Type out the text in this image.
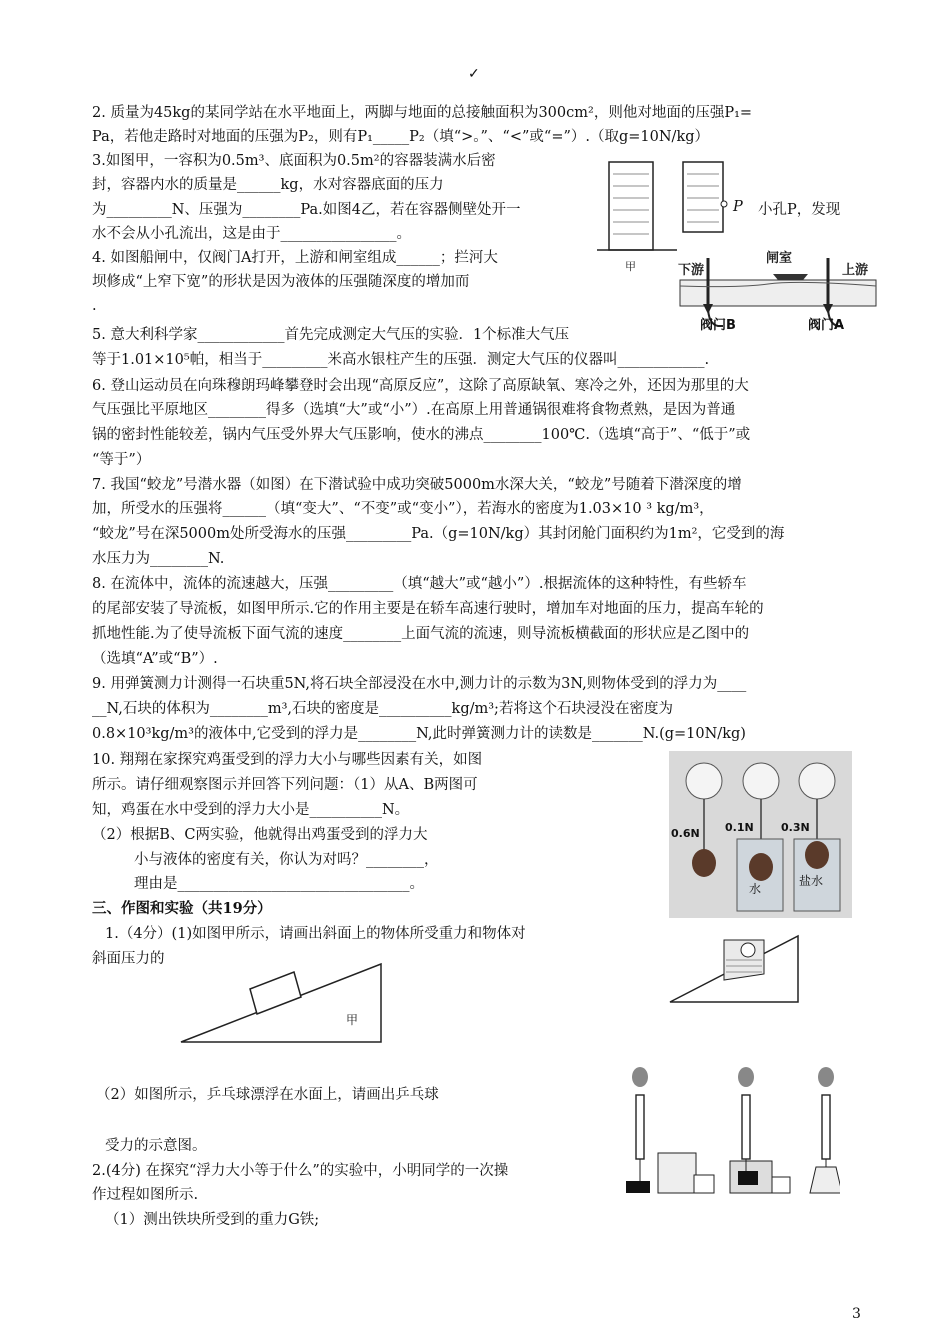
✓
2. 质量为45kg的某同学站在水平地面上，两脚与地面的总接触面积为300cm²，则他对地面的压强P₁=
Pa，若他走路时对地面的压强为P₂，则有P₁_____P₂（填“>。”、“<”或“=”）.（取g=10N/kg）
3.如图甲，一容积为0.5m³、底面积为0.5m²的容器装满水后密
封，容器内水的质量是______kg，水对容器底面的压力
为_________N、压强为________Pa.如图4乙，若在容器侧壁处开一
水不会从小孔流出，这是由于________________。
4. 如图船闸中，仅阀门A打开，上游和闸室组成______；拦河大
坝修成“上窄下宽”的形状是因为液体的压强随深度的增加而
.
5. 意大利科学家____________首先完成测定大气压的实验．1个标准大气压
等于1.01×10⁵帕，相当于_________米高水银柱产生的压强．测定大气压的仪器叫____________.
6. 登山运动员在向珠穆朗玛峰攀登时会出现“高原反应”，这除了高原缺氧、寒冷之外，还因为那里的大
气压强比平原地区________得多（选填“大”或“小”）.在高原上用普通锅很难将食物煮熟，是因为普通
锅的密封性能较差，锅内气压受外界大气压影响，使水的沸点________100℃.（选填“高于”、“低于”或
“等于”）
7. 我国“蛟龙”号潜水器（如图）在下潜试验中成功突破5000m水深大关，“蛟龙”号随着下潜深度的增
加，所受水的压强将______（填“变大”、“不变”或“变小”），若海水的密度为1.03×10 ³ kg/m³，
“蛟龙”号在深5000m处所受海水的压强_________Pa.（g=10N/kg）其封闭舱门面积约为1m²，它受到的海
水压力为________N.
8. 在流体中，流体的流速越大，压强_________（填“越大”或“越小”）.根据流体的这种特性，有些轿车
的尾部安装了导流板，如图甲所示.它的作用主要是在轿车高速行驶时，增加车对地面的压力，提高车轮的
抓地性能.为了使导流板下面气流的速度________上面气流的流速，则导流板横截面的形状应是乙图中的
（选填“A”或“B”）.
9. 用弹簧测力计测得一石块重5N,将石块全部浸没在水中,测力计的示数为3N,则物体受到的浮力为____
__N,石块的体积为________m³,石块的密度是__________kg/m³;若将这个石块浸没在密度为
0.8×10³kg/m³的液体中,它受到的浮力是________N,此时弹簧测力计的读数是_______N.(g=10N/kg)
10. 翔翔在家探究鸡蛋受到的浮力大小与哪些因素有关，如图
所示。请仔细观察图示并回答下列问题：（1）从A、B两图可
知，鸡蛋在水中受到的浮力大小是__________N。
（2）根据B、C两实验，他就得出鸡蛋受到的浮力大
小与液体的密度有关，你认为对吗？________，
理由是________________________________。
三、作图和实验（共19分）
1.（4分）(1)如图甲所示，请画出斜面上的物体所受重力和物体对
斜面压力的
（2）如图所示，乒乓球漂浮在水面上，请画出乒乓球
受力的示意图。
2.(4分) 在探究“浮力大小等于什么”的实验中，小明同学的一次操
作过程如图所示.
（1）测出铁块所受到的重力G铁;
甲
P 小孔P，发现
下游
闸室
上游
阀门B	阀门A
0.6N 0.1N 0.3N
水
盐水
甲
3
